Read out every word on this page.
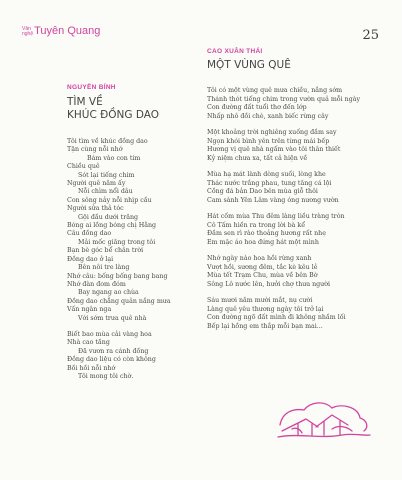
Văn
nghệ Tuyên Quang	25
NGUYỄN BÍNH
TÌM VỀ
KHÚC ĐỒNG DAO
Tôi tìm về khúc đồng dao
Tận cùng nỗi nhớ
Bám vào con tim
Chiều quê
Sót lại tiếng chim
Người quê năm ấy
Nỗi chìm nổi dâu
Con sông nảy nỗi nhịp cầu
Người sửa thả tóc
Gội đầu dưới trăng
Bóng ai lồng bóng chị Hằng
Câu đồng dao
Mải mốc giăng trong tôi
Bạn bè góc bể chân trời
Đồng dao ở lại
Bên nôi tre làng
Nhớ câu: bống bống bang bang
Nhớ đàn đom đóm
Bay ngang ao chùa
Đồng dao chẳng quản nắng mưa
Vấn ngân nga
Với sớm trưa quê nhà
Biết bao mùa cải vàng hoa
Nhà cao tầng
Đã vươn ra cánh đồng
Đồng dao liệu có còn không
Bồi hồi nỗi nhớ
Tôi mong tôi chờ.
CAO XUÂN THÁI
MỘT VÙNG QUÊ
Tôi có một vùng quê mưa chiều, nắng sớm
Thánh thót tiếng chim trong vườn quả mỗi ngày
Con đường đất tuổi thơ đến lớp
Nhấp nhô đồi chè, xanh biếc rừng cây
Một khoảng trời nghiêng xuống đầm say
Ngọn khói bình yên trên từng mái bếp
Hương vị quê nhà ngấm vào tôi thân thiết
Kỷ niệm chưa xa, tất cả hiện về
Mùa hạ mát lành dòng suối, lòng khe
Thác nước trắng phau, tung tăng cá lội
Cồng đá bản Dao bên mùa giỗ thôi
Cam sành Yên Lâm vàng óng nương vườn
Hát cốm mùa Thu đêm làng liều tràng tròn
Cô Tấm hiền ra trong lời bà kể
Đầm sen rì rào thoảng hương rất nhẹ
Em mặc áo hoa đứng hát một mình
Nhớ ngày nào hoa hồi rừng xanh
Vượt hồi, sương đêm, tắc kè kêu lẻ
Mùa tết Trạm Chu, mùa về bên Bờ
Sông Lô nước lên, hưởi chợ thưa người
Sáu mươi năm mười mắt, nụ cười
Làng quê yêu thương ngày tôi trở lại
Con đường ngõ đất mình đi không nhầm lối
Bếp lại hồng em thắp mỗi bạn mai...
